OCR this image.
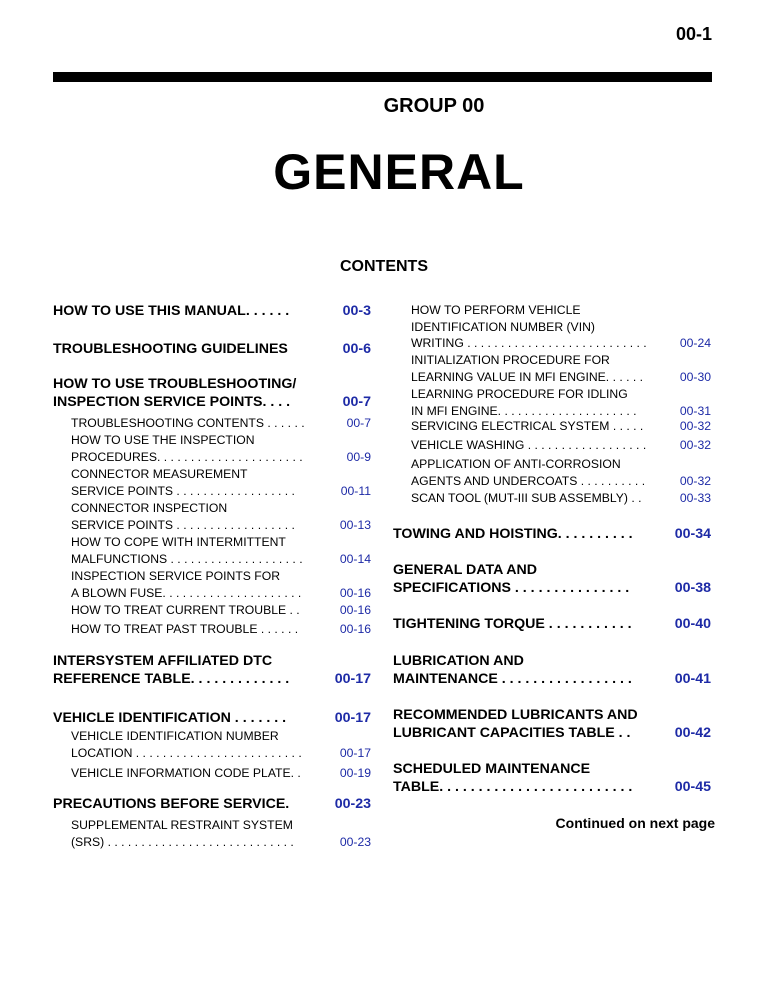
00-1
GROUP 00
GENERAL
CONTENTS
HOW TO USE THIS MANUAL. . . . . .	00-3
TROUBLESHOOTING GUIDELINES	00-6
HOW TO USE TROUBLESHOOTING/
INSPECTION SERVICE POINTS. . . .	00-7
TROUBLESHOOTING CONTENTS . . . . . .	00-7
HOW TO USE THE INSPECTION
PROCEDURES. . . . . . . . . . . . . . . . . . . . . .	00-9
CONNECTOR MEASUREMENT
SERVICE POINTS . . . . . . . . . . . . . . . . . .	00-11
CONNECTOR INSPECTION
SERVICE POINTS . . . . . . . . . . . . . . . . . .	00-13
HOW TO COPE WITH INTERMITTENT
MALFUNCTIONS . . . . . . . . . . . . . . . . . . . .	00-14
INSPECTION SERVICE POINTS FOR
A BLOWN FUSE. . . . . . . . . . . . . . . . . . . . .	00-16
HOW TO TREAT CURRENT TROUBLE . .	00-16
HOW TO TREAT PAST TROUBLE . . . . . .	00-16
INTERSYSTEM AFFILIATED DTC
REFERENCE TABLE. . . . . . . . . . . . .	00-17
VEHICLE IDENTIFICATION . . . . . . .	00-17
VEHICLE IDENTIFICATION NUMBER
LOCATION . . . . . . . . . . . . . . . . . . . . . . . . .	00-17
VEHICLE INFORMATION CODE PLATE. .	00-19
PRECAUTIONS BEFORE SERVICE.	00-23
SUPPLEMENTAL RESTRAINT SYSTEM
(SRS) . . . . . . . . . . . . . . . . . . . . . . . . . . . .	00-23
HOW TO PERFORM VEHICLE
IDENTIFICATION NUMBER (VIN)
WRITING . . . . . . . . . . . . . . . . . . . . . . . . . . .	00-24
INITIALIZATION PROCEDURE FOR
LEARNING VALUE IN MFI ENGINE. . . . . .	00-30
LEARNING PROCEDURE FOR IDLING
IN MFI ENGINE. . . . . . . . . . . . . . . . . . . . .	00-31
SERVICING ELECTRICAL SYSTEM . . . . .	00-32
VEHICLE WASHING . . . . . . . . . . . . . . . . . .	00-32
APPLICATION OF ANTI-CORROSION
AGENTS AND UNDERCOATS . . . . . . . . . .	00-32
SCAN TOOL (MUT-III SUB ASSEMBLY) . .	00-33
TOWING AND HOISTING. . . . . . . . . .	00-34
GENERAL DATA AND
SPECIFICATIONS . . . . . . . . . . . . . . .	00-38
TIGHTENING TORQUE . . . . . . . . . . .	00-40
LUBRICATION AND
MAINTENANCE . . . . . . . . . . . . . . . . .	00-41
RECOMMENDED LUBRICANTS AND
LUBRICANT CAPACITIES TABLE . .	00-42
SCHEDULED MAINTENANCE
TABLE. . . . . . . . . . . . . . . . . . . . . . . . .	00-45
Continued on next page
